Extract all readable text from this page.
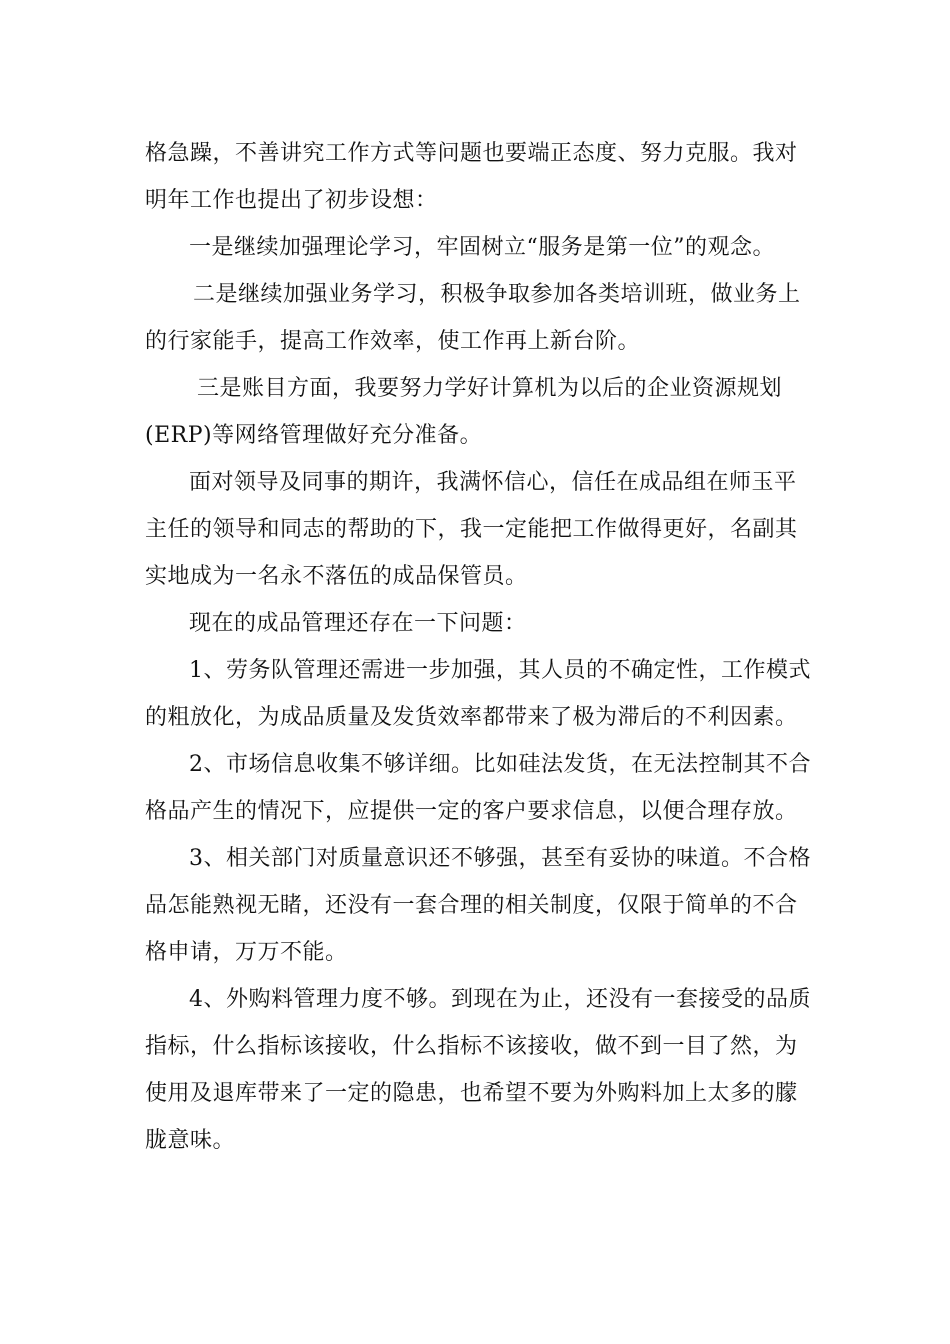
格急躁，不善讲究工作方式等问题也要端正态度、努力克服。我对
明年工作也提出了初步设想：
一是继续加强理论学习，牢固树立“服务是第一位”的观念。
二是继续加强业务学习，积极争取参加各类培训班，做业务上
的行家能手，提高工作效率，使工作再上新台阶。
三是账目方面，我要努力学好计算机为以后的企业资源规划
(ERP)等网络管理做好充分准备。
面对领导及同事的期许，我满怀信心，信任在成品组在师玉平
主任的领导和同志的帮助的下，我一定能把工作做得更好，名副其
实地成为一名永不落伍的成品保管员。
现在的成品管理还存在一下问题：
1、劳务队管理还需进一步加强，其人员的不确定性，工作模式
的粗放化，为成品质量及发货效率都带来了极为滞后的不利因素。
2、市场信息收集不够详细。比如硅法发货，在无法控制其不合
格品产生的情况下，应提供一定的客户要求信息，以便合理存放。
3、相关部门对质量意识还不够强，甚至有妥协的味道。不合格
品怎能熟视无睹，还没有一套合理的相关制度，仅限于简单的不合
格申请，万万不能。
4、外购料管理力度不够。到现在为止，还没有一套接受的品质
指标，什么指标该接收，什么指标不该接收，做不到一目了然，为
使用及退库带来了一定的隐患，也希望不要为外购料加上太多的朦
胧意味。
